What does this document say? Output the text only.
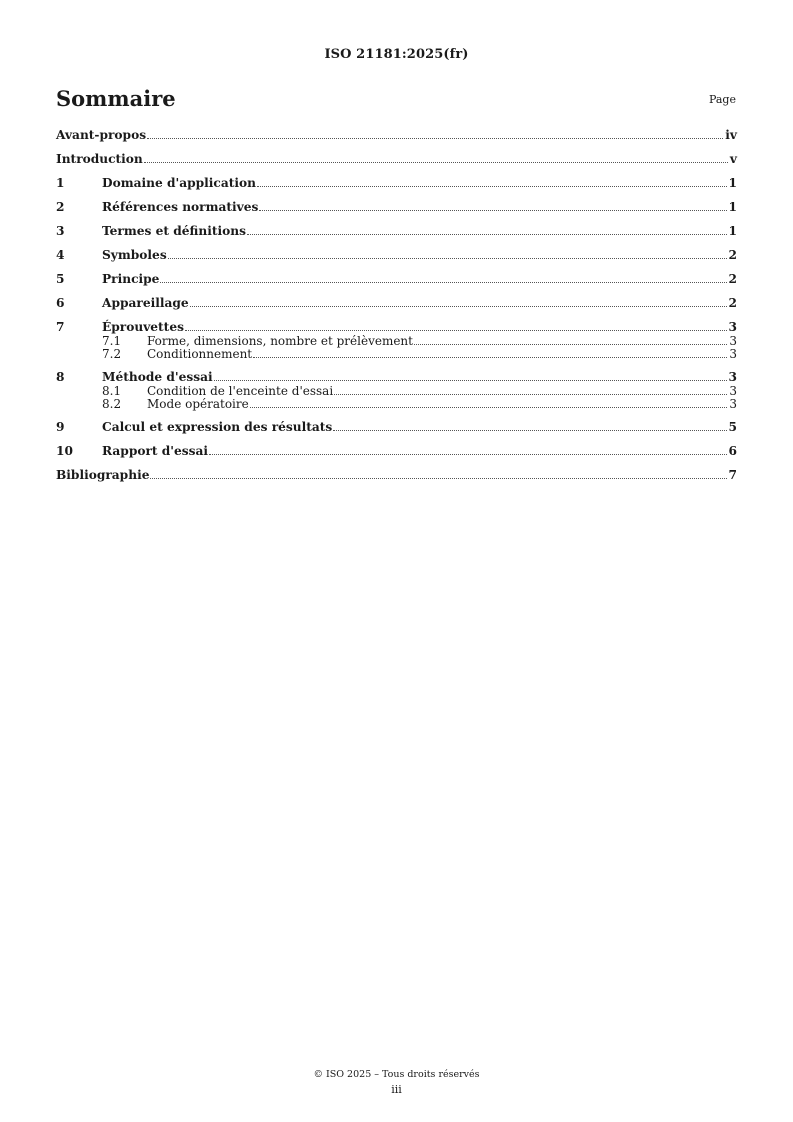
ISO 21181:2025(fr)
Sommaire	Page
Avant-propos	iv
Introduction	v
1	Domaine d'application	1
2	Références normatives	1
3	Termes et définitions	1
4	Symboles	2
5	Principe	2
6	Appareillage	2
7	Éprouvettes	3
7.1	Forme, dimensions, nombre et prélèvement	3
7.2	Conditionnement	3
8	Méthode d'essai	3
8.1	Condition de l'enceinte d'essai	3
8.2	Mode opératoire	3
9	Calcul et expression des résultats	5
10	Rapport d'essai	6
Bibliographie	7
© ISO 2025 – Tous droits réservés
iii
